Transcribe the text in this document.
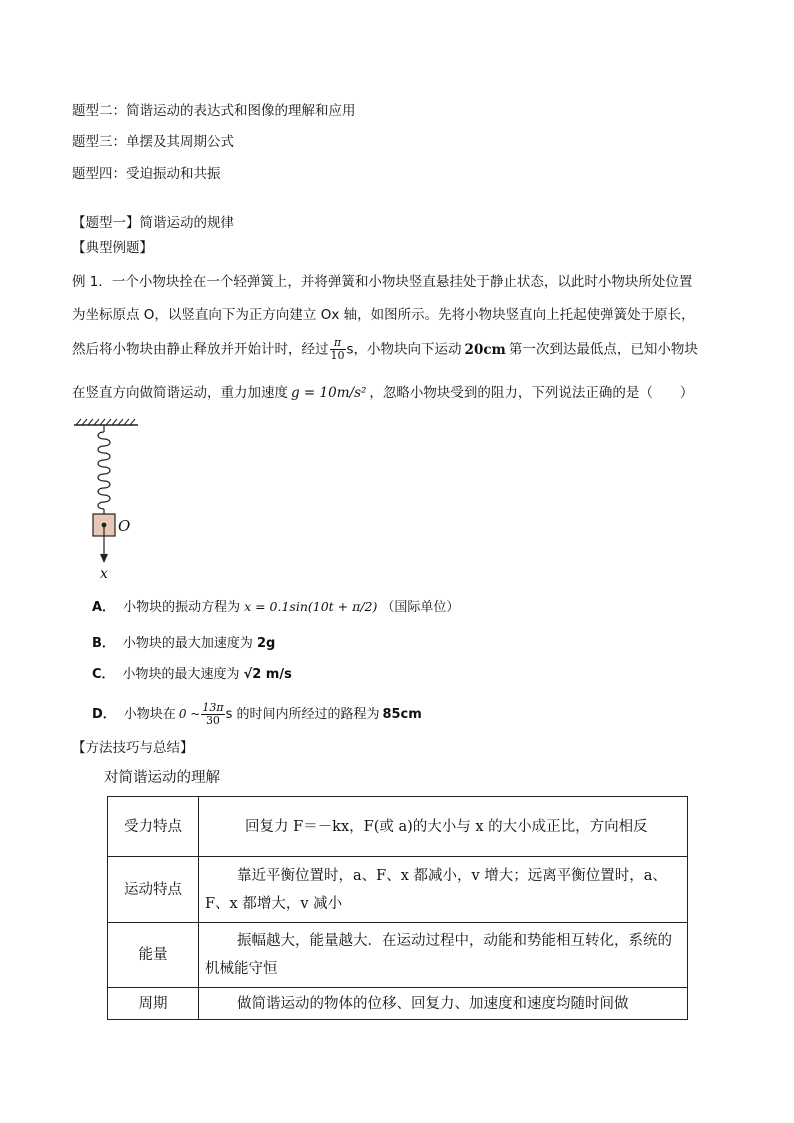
题型二：简谐运动的表达式和图像的理解和应用
题型三：单摆及其周期公式
题型四：受迫振动和共振
【题型一】简谐运动的规律
【典型例题】
例 1．一个小物块拴在一个轻弹簧上，并将弹簧和小物块竖直悬挂处于静止状态，以此时小物块所处位置
为坐标原点 O，以竖直向下为正方向建立 Ox 轴，如图所示。先将小物块竖直向上托起使弹簧处于原长，
然后将小物块由静止释放并开始计时，经过 $\frac{\pi}{10}$ s，小物块向下运动 20cm 第一次到达最低点，已知小物块
在竖直方向做简谐运动，重力加速度 g = 10m/s² ，忽略小物块受到的阻力，下列说法正确的是（　　）
O
x
A． 小物块的振动方程为 x = 0.1sin(10t + π/2) （国际单位）
B． 小物块的最大加速度为 2g
C． 小物块的最大速度为 √2 m/s
D． 小物块在 0 ~ $\frac{13\pi}{30}$ s 的时间内所经过的路程为 85cm
【方法技巧与总结】
对简谐运动的理解
受力特点	回复力 F＝－kx，F(或 a)的大小与 x 的大小成正比，方向相反
运动特点	靠近平衡位置时，a、F、x 都减小，v 增大；远离平衡位置时，a、F、x 都增大，v 减小
能量	振幅越大，能量越大．在运动过程中，动能和势能相互转化，系统的机械能守恒
周期	做简谐运动的物体的位移、回复力、加速度和速度均随时间做
